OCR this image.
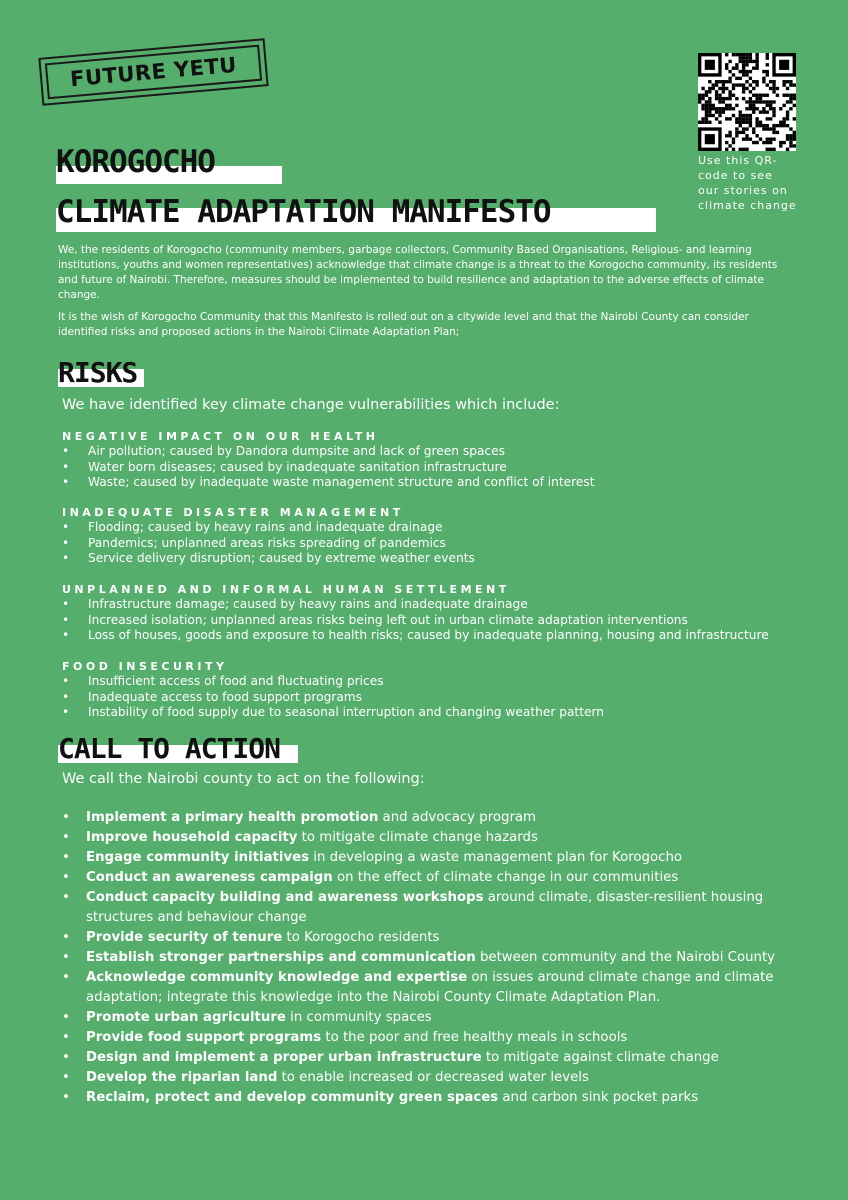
FUTURE YETU
Use this QR-code to see our stories on climate change
KOROGOCHO
CLIMATE ADAPTATION MANIFESTO
We, the residents of Korogocho (community members, garbage collectors, Community Based Organisations, Religious- and learning institutions, youths and women representatives) acknowledge that climate change is a threat to the Korogocho community, its residents and future of Nairobi. Therefore, measures should be implemented to build resilience and adaptation to the adverse effects of climate change.
It is the wish of Korogocho Community that this Manifesto is rolled out on a citywide level and that the Nairobi County can consider identified risks and proposed actions in the Nairobi Climate Adaptation Plan;
RISKS
We have identified key climate change vulnerabilities which include:
NEGATIVE IMPACT ON OUR HEALTH
• Air pollution; caused by Dandora dumpsite and lack of green spaces
• Water born diseases; caused by inadequate sanitation infrastructure
• Waste; caused by inadequate waste management structure and conflict of interest
INADEQUATE DISASTER MANAGEMENT
• Flooding; caused by heavy rains and inadequate drainage
• Pandemics; unplanned areas risks spreading of pandemics
• Service delivery disruption; caused by extreme weather events
UNPLANNED AND INFORMAL HUMAN SETTLEMENT
• Infrastructure damage; caused by heavy rains and inadequate drainage
• Increased isolation; unplanned areas risks being left out in urban climate adaptation interventions
• Loss of houses, goods and exposure to health risks; caused by inadequate planning, housing and infrastructure
FOOD INSECURITY
• Insufficient access of food and fluctuating prices
• Inadequate access to food support programs
• Instability of food supply due to seasonal interruption and changing weather pattern
CALL TO ACTION
We call the Nairobi county to act on the following:
• Implement a primary health promotion and advocacy program
• Improve household capacity to mitigate climate change hazards
• Engage community initiatives in developing a waste management plan for Korogocho
• Conduct an awareness campaign on the effect of climate change in our communities
• Conduct capacity building and awareness workshops around climate, disaster-resilient housing structures and behaviour change
• Provide security of tenure to Korogocho residents
• Establish stronger partnerships and communication between community and the Nairobi County
• Acknowledge community knowledge and expertise on issues around climate change and climate adaptation; integrate this knowledge into the Nairobi County Climate Adaptation Plan.
• Promote urban agriculture in community spaces
• Provide food support programs to the poor and free healthy meals in schools
• Design and implement a proper urban infrastructure to mitigate against climate change
• Develop the riparian land to enable increased or decreased water levels
• Reclaim, protect and develop community green spaces and carbon sink pocket parks
